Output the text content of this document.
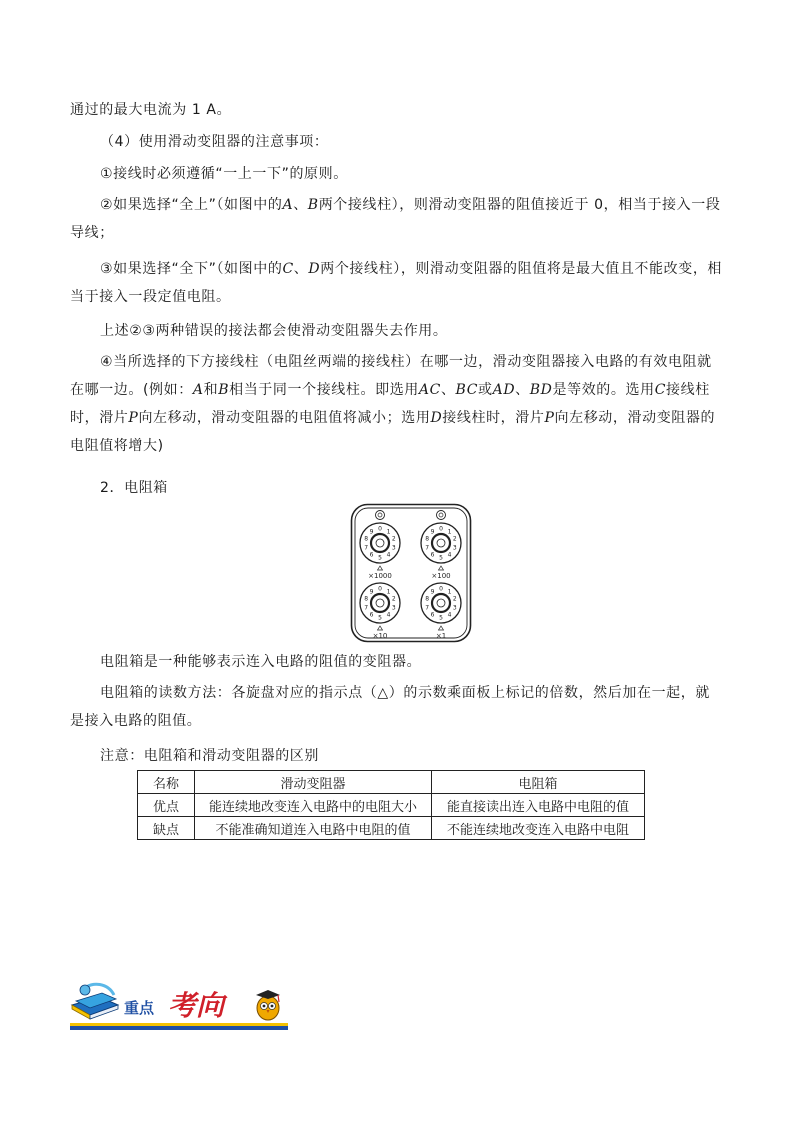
通过的最大电流为 1 A。
（4）使用滑动变阻器的注意事项：
①接线时必须遵循“一上一下”的原则。
②如果选择“全上”（如图中的A、B两个接线柱），则滑动变阻器的阻值接近于 0，相当于接入一段导线；
③如果选择“全下”（如图中的C、D两个接线柱），则滑动变阻器的阻值将是最大值且不能改变，相当于接入一段定值电阻。
上述②③两种错误的接法都会使滑动变阻器失去作用。
④当所选择的下方接线柱（电阻丝两端的接线柱）在哪一边，滑动变阻器接入电路的有效电阻就在哪一边。(例如：A和B相当于同一个接线柱。即选用AC、BC或AD、BD是等效的。选用C接线柱时，滑片P向左移动，滑动变阻器的电阻值将减小；选用D接线柱时，滑片P向左移动，滑动变阻器的电阻值将增大)
2．电阻箱
0 1
2
3
4
5
6
7
8
9
×1000
0 1
2
3
4
5
6
7
8
9
×100
0 1
2
3
4
5
6
7
8
9
×10
0 1
2
3
4
5
6
7
8
9
×1
电阻箱是一种能够表示连入电路的阻值的变阻器。
电阻箱的读数方法：各旋盘对应的指示点（△）的示数乘面板上标记的倍数，然后加在一起，就是接入电路的阻值。
注意：电阻箱和滑动变阻器的区别
名称	滑动变阻器	电阻箱
优点	能连续地改变连入电路中的电阻大小	能直接读出连入电路中电阻的值
缺点	不能准确知道连入电路中电阻的值	不能连续地改变连入电路中电阻
重点 考向
